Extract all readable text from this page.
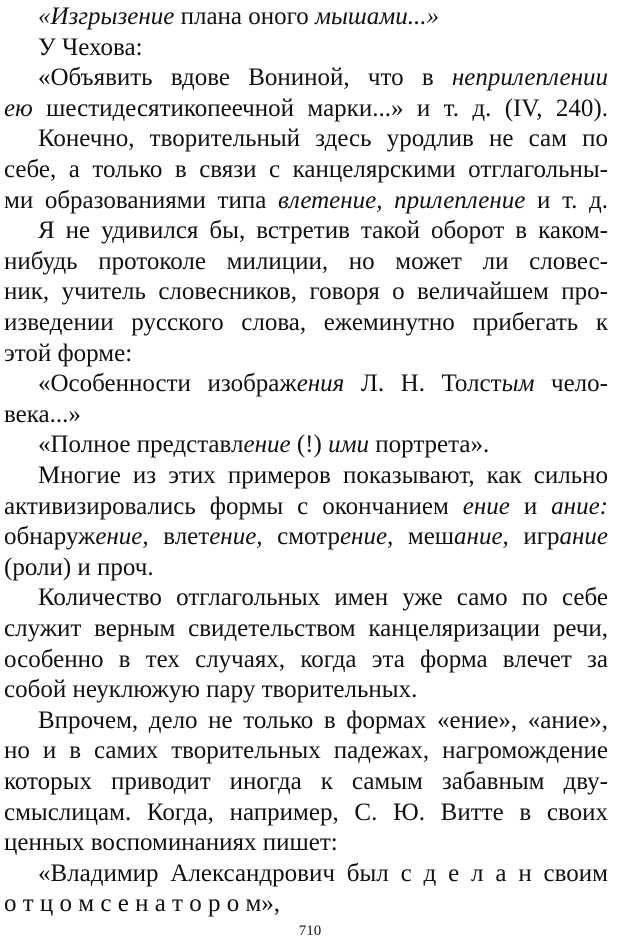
«Изгрызение плана оного мышами...»
У Чехова:
«Объявить вдове Вониной, что в неприлеплении
ею шестидесятикопеечной марки...» и т. д. (IV, 240).
Конечно, творительный здесь уродлив не сам по
себе, а только в связи с канцелярскими отглагольны-
ми образованиями типа влетение, прилепление и т. д.
Я не удивился бы, встретив такой оборот в каком-
нибудь протоколе милиции, но может ли словес-
ник, учитель словесников, говоря о величайшем про-
изведении русского слова, ежеминутно прибегать к
этой форме:
«Особенности изображения Л. Н. Толстым чело-
века...»
«Полное представление (!) ими портрета».
Многие из этих примеров показывают, как сильно
активизировались формы с окончанием ение и ание:
обнаружение, влетение, смотрение, мешание, играние
(роли) и проч.
Количество отглагольных имен уже само по себе
служит верным свидетельством канцеляризации речи,
особенно в тех случаях, когда эта форма влечет за
собой неуклюжую пару творительных.
Впрочем, дело не только в формах «ение», «ание»,
но и в самих творительных падежах, нагромождение
которых приводит иногда к самым забавным дву-
смыслицам. Когда, например, С. Ю. Витте в своих
ценных воспоминаниях пишет:
«Владимир Александрович был с д е л а н своим
о т ц о м с е н а т о р о м»,
710
